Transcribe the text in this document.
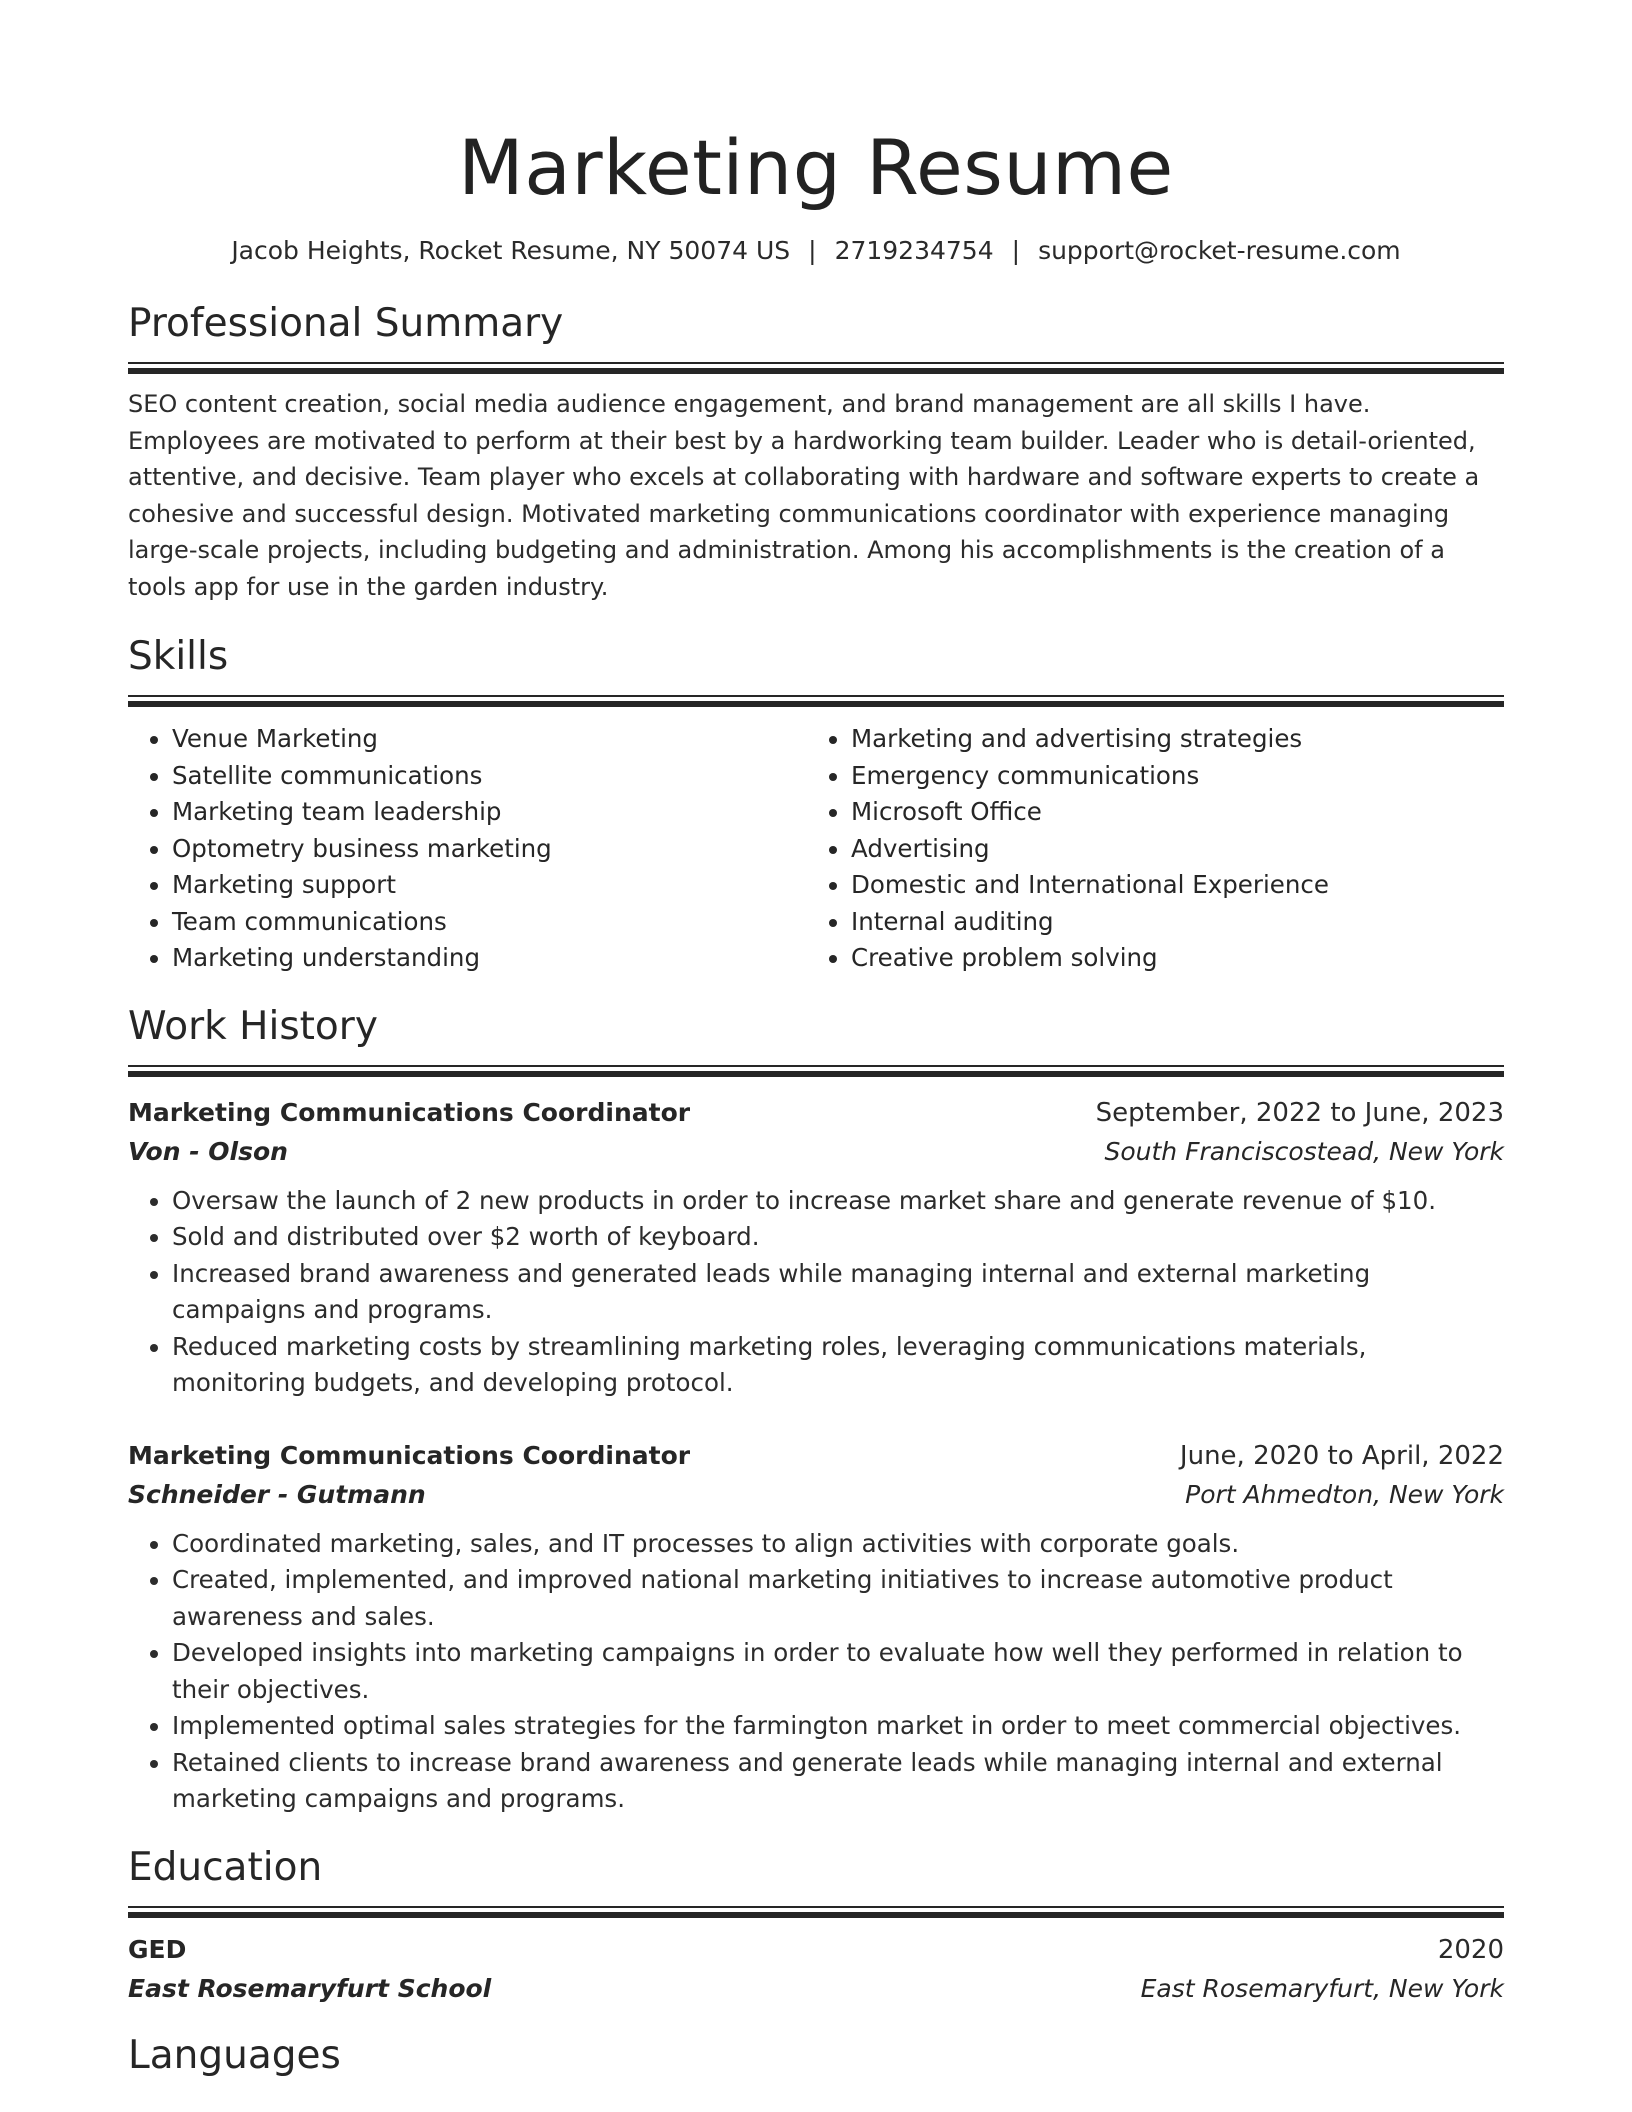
Marketing Resume
Jacob Heights, Rocket Resume, NY 50074 US | 2719234754 | support@rocket-resume.com
Professional Summary
SEO content creation, social media audience engagement, and brand management are all skills I have. Employees are motivated to perform at their best by a hardworking team builder. Leader who is detail-oriented, attentive, and decisive. Team player who excels at collaborating with hardware and software experts to create a cohesive and successful design. Motivated marketing communications coordinator with experience managing large-scale projects, including budgeting and administration. Among his accomplishments is the creation of a tools app for use in the garden industry.
Skills
• Venue Marketing
• Satellite communications
• Marketing team leadership
• Optometry business marketing
• Marketing support
• Team communications
• Marketing understanding
• Marketing and advertising strategies
• Emergency communications
• Microsoft Office
• Advertising
• Domestic and International Experience
• Internal auditing
• Creative problem solving
Work History
Marketing Communications Coordinator	September, 2022 to June, 2023
Von - Olson	South Franciscostead, New York
• Oversaw the launch of 2 new products in order to increase market share and generate revenue of $10.
• Sold and distributed over $2 worth of keyboard.
• Increased brand awareness and generated leads while managing internal and external marketing campaigns and programs.
• Reduced marketing costs by streamlining marketing roles, leveraging communications materials, monitoring budgets, and developing protocol.
Marketing Communications Coordinator	June, 2020 to April, 2022
Schneider - Gutmann	Port Ahmedton, New York
• Coordinated marketing, sales, and IT processes to align activities with corporate goals.
• Created, implemented, and improved national marketing initiatives to increase automotive product awareness and sales.
• Developed insights into marketing campaigns in order to evaluate how well they performed in relation to their objectives.
• Implemented optimal sales strategies for the farmington market in order to meet commercial objectives.
• Retained clients to increase brand awareness and generate leads while managing internal and external marketing campaigns and programs.
Education
GED	2020
East Rosemaryfurt School	East Rosemaryfurt, New York
Languages
